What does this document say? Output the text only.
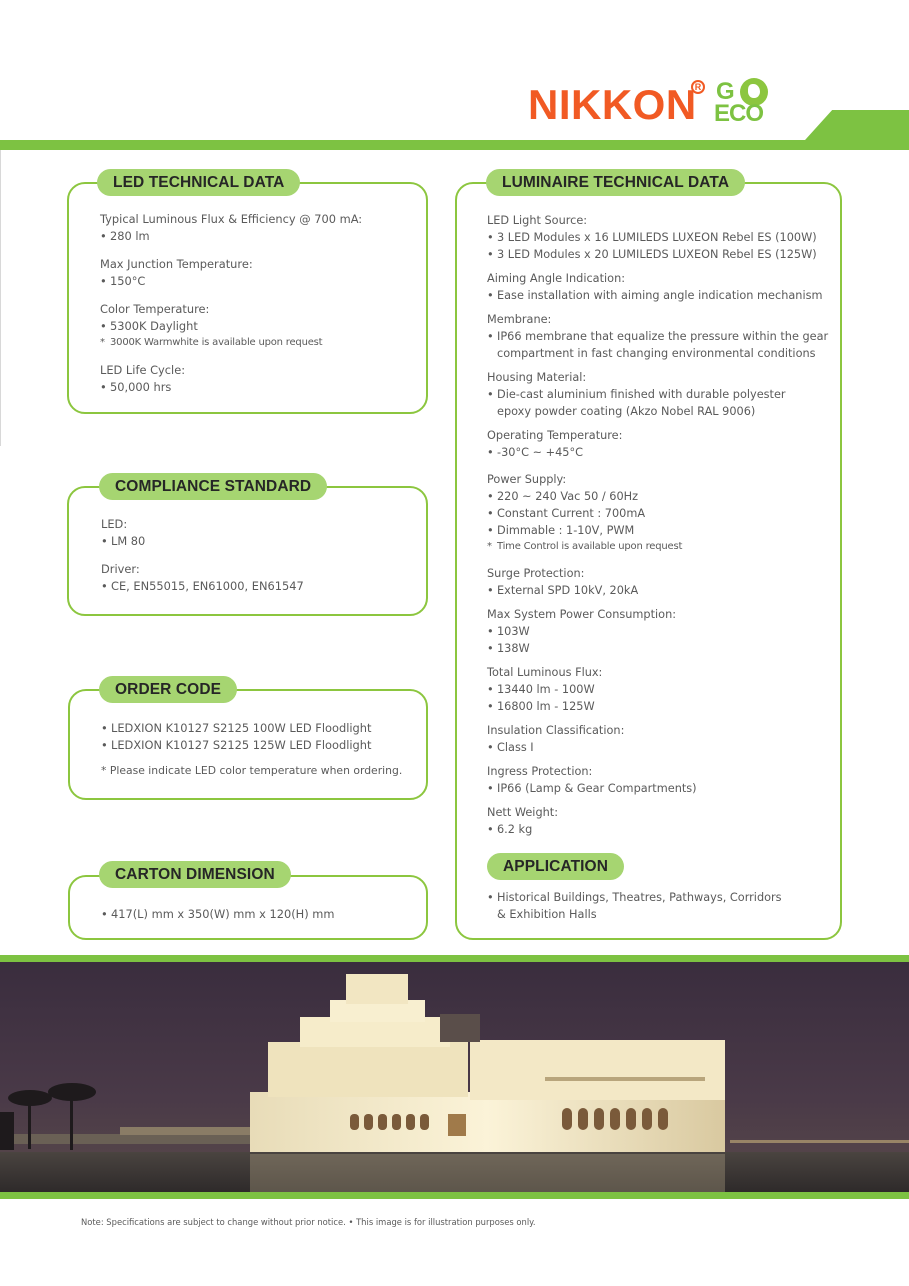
NIKKON
R G
ECO
LED TECHNICAL DATA
Typical Luminous Flux & Efficiency @ 700 mA:
• 280 lm
Max Junction Temperature:
• 150°C
Color Temperature:
• 5300K Daylight
* 3000K Warmwhite is available upon request
LED Life Cycle:
• 50,000 hrs
COMPLIANCE STANDARD
LED:
• LM 80
Driver:
• CE, EN55015, EN61000, EN61547
ORDER CODE
• LEDXION K10127 S2125 100W LED Floodlight
• LEDXION K10127 S2125 125W LED Floodlight
* Please indicate LED color temperature when ordering.
CARTON DIMENSION
• 417(L) mm x 350(W) mm x 120(H) mm
LUMINAIRE TECHNICAL DATA
LED Light Source:
• 3 LED Modules x 16 LUMILEDS LUXEON Rebel ES (100W)
• 3 LED Modules x 20 LUMILEDS LUXEON Rebel ES (125W)
Aiming Angle Indication:
• Ease installation with aiming angle indication mechanism
Membrane:
• IP66 membrane that equalize the pressure within the gear
compartment in fast changing environmental conditions
Housing Material:
• Die-cast aluminium finished with durable polyester
epoxy powder coating (Akzo Nobel RAL 9006)
Operating Temperature:
• -30°C ~ +45°C
Power Supply:
• 220 ~ 240 Vac 50 / 60Hz
• Constant Current : 700mA
• Dimmable : 1-10V, PWM
* Time Control is available upon request
Surge Protection:
• External SPD 10kV, 20kA
Max System Power Consumption:
• 103W
• 138W
Total Luminous Flux:
• 13440 lm - 100W
• 16800 lm - 125W
Insulation Classification:
• Class I
Ingress Protection:
• IP66 (Lamp & Gear Compartments)
Nett Weight:
• 6.2 kg
APPLICATION
• Historical Buildings, Theatres, Pathways, Corridors
& Exhibition Halls
Note: Specifications are subject to change without prior notice. • This image is for illustration purposes only.
